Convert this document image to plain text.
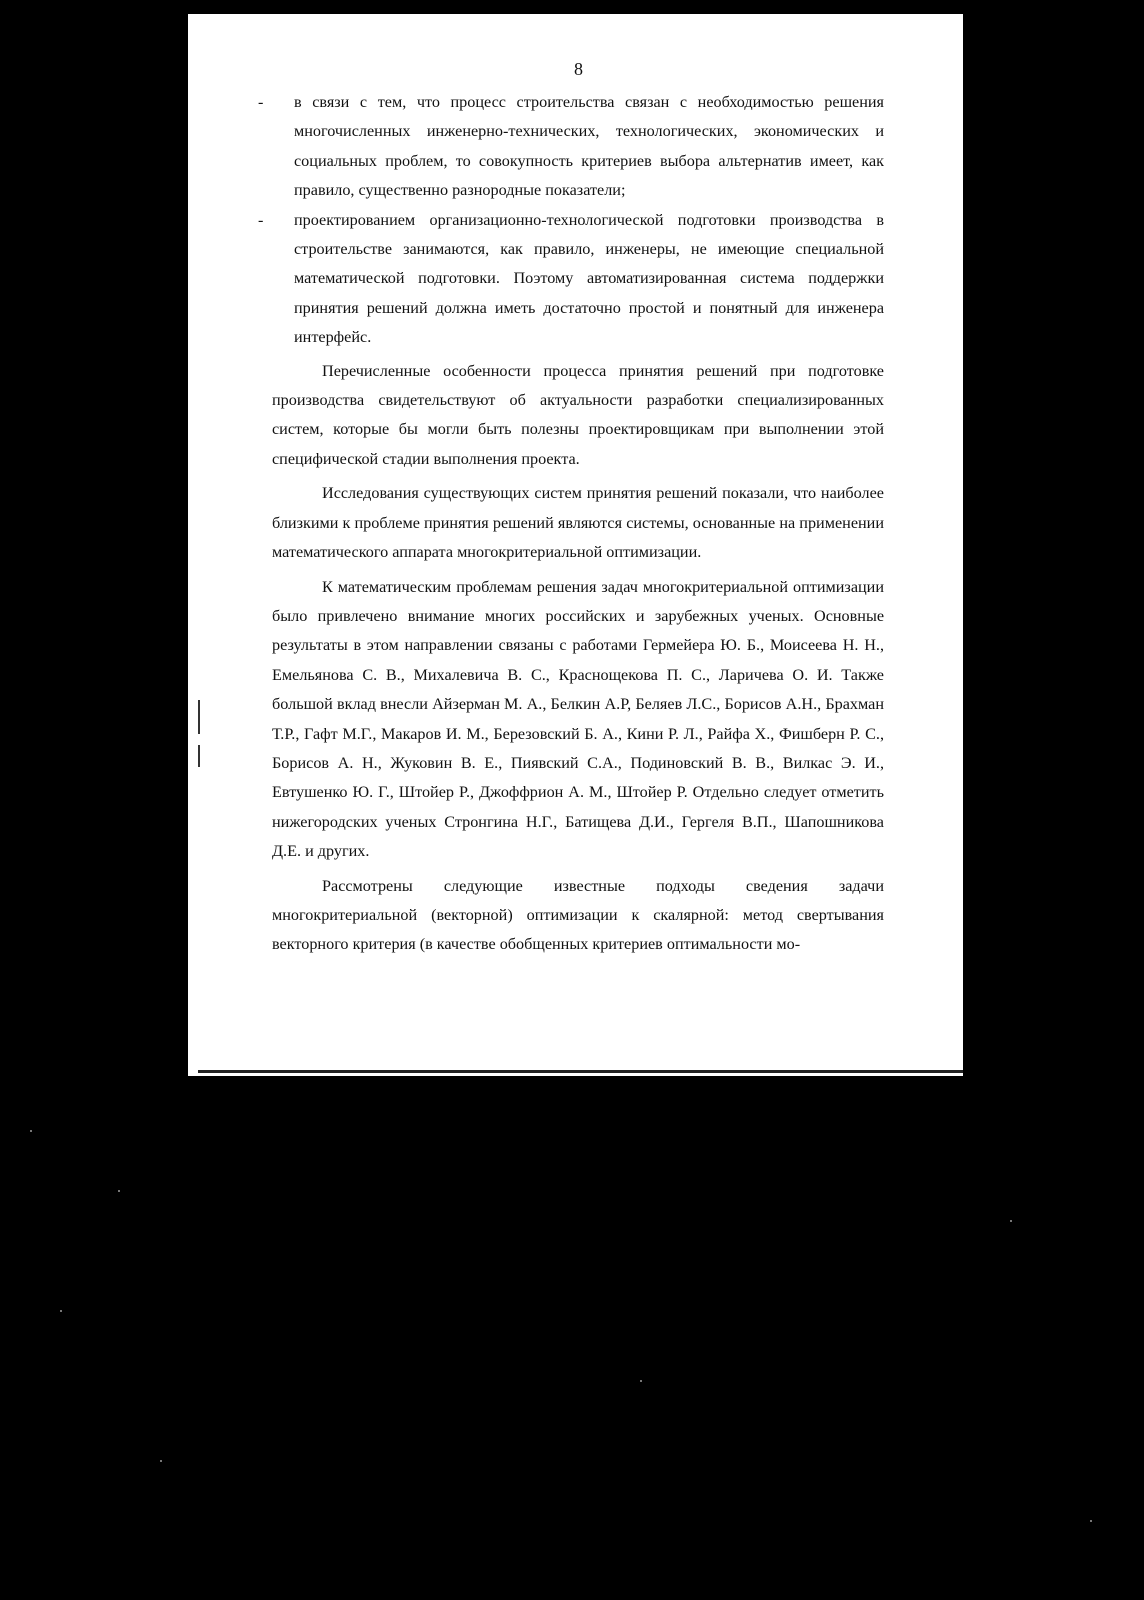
8
- в связи с тем, что процесс строительства связан с необходимостью решения многочисленных инженерно-технических, технологических, экономических и социальных проблем, то совокупность критериев выбора альтернатив имеет, как правило, существенно разнородные показатели;
- проектированием организационно-технологической подготовки производства в строительстве занимаются, как правило, инженеры, не имеющие специальной математической подготовки. Поэтому автоматизированная система поддержки принятия решений должна иметь достаточно простой и понятный для инженера интерфейс.

Перечисленные особенности процесса принятия решений при подготовке производства свидетельствуют об актуальности разработки специализированных систем, которые бы могли быть полезны проектировщикам при выполнении этой специфической стадии выполнения проекта.

Исследования существующих систем принятия решений показали, что наиболее близкими к проблеме принятия решений являются системы, основанные на применении математического аппарата многокритериальной оптимизации.

К математическим проблемам решения задач многокритериальной оптимизации было привлечено внимание многих российских и зарубежных ученых. Основные результаты в этом направлении связаны с работами Гермейера Ю. Б., Моисеева Н. Н., Емельянова С. В., Михалевича В. С., Краснощекова П. С., Ларичева О. И. Также большой вклад внесли Айзерман М. А., Белкин А.Р, Беляев Л.С., Борисов А.Н., Брахман Т.Р., Гафт М.Г., Макаров И. М., Березовский Б. А., Кини Р. Л., Райфа Х., Фишберн Р. С., Борисов А. Н., Жуковин В. Е., Пиявский С.А., Подиновский В. В., Вилкас Э. И., Евтушенко Ю. Г., Штойер Р., Джоффрион А. М., Штойер Р. Отдельно следует отметить нижегородских ученых Стронгина Н.Г., Батищева Д.И., Гергеля В.П., Шапошникова Д.Е. и других.

Рассмотрены следующие известные подходы сведения задачи многокритериальной (векторной) оптимизации к скалярной: метод свертывания векторного критерия (в качестве обобщенных критериев оптимальности мо-
